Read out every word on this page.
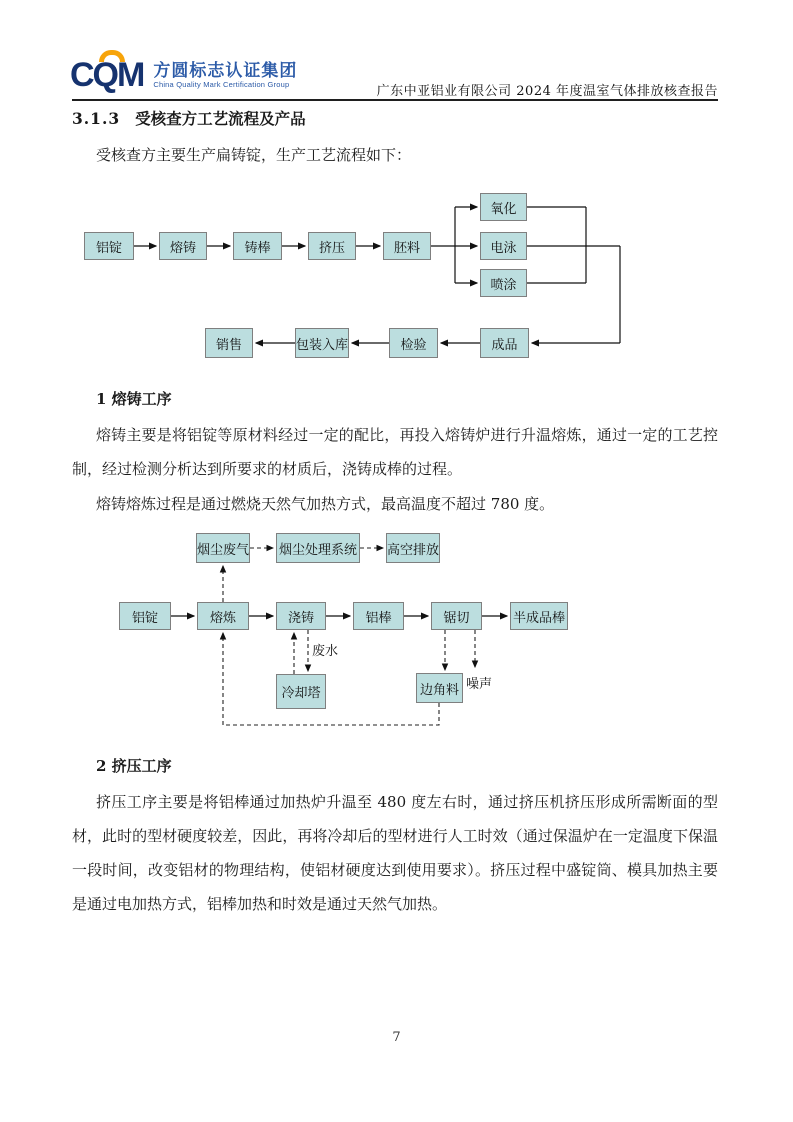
CQM 方圆标志认证集团
China Quality Mark Certification Group	广东中亚铝业有限公司 2024 年度温室气体排放核查报告
3.1.3 受核查方工艺流程及产品
受核查方主要生产扁铸锭，生产工艺流程如下：
铝锭	熔铸	铸棒	挤压	胚料
氧化
电泳
喷涂
销售	包装入库	检验	成品
1 熔铸工序
熔铸主要是将铝锭等原材料经过一定的配比，再投入熔铸炉进行升温熔炼，通过一定的工艺控制，经过检测分析达到所要求的材质后，浇铸成棒的过程。
熔铸熔炼过程是通过燃烧天然气加热方式，最高温度不超过 780 度。
烟尘废气 烟尘处理系统 高空排放
铝锭	熔炼	浇铸	铝棒	锯切	半成品棒
冷却塔	边角料
废水
噪声
2 挤压工序
挤压工序主要是将铝棒通过加热炉升温至 480 度左右时，通过挤压机挤压形成所需断面的型材，此时的型材硬度较差，因此，再将冷却后的型材进行人工时效（通过保温炉在一定温度下保温一段时间，改变铝材的物理结构，使铝材硬度达到使用要求）。挤压过程中盛锭筒、模具加热主要是通过电加热方式，铝棒加热和时效是通过天然气加热。
7
